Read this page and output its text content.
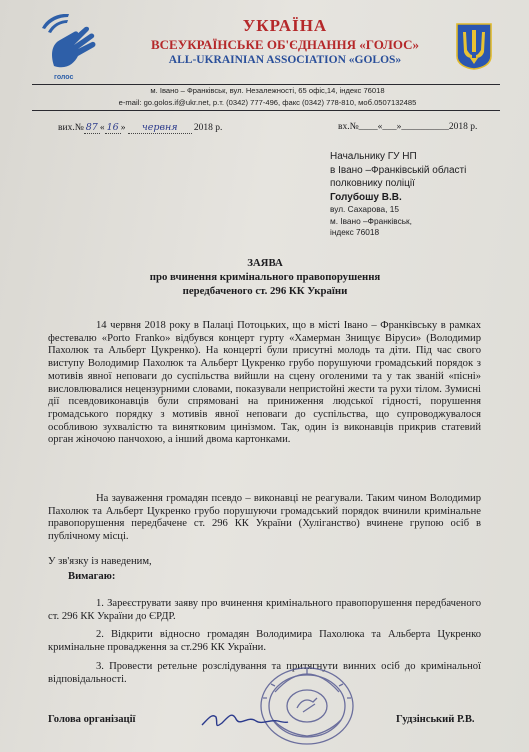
голос
УКРАЇНА
ВСЕУКРАЇНСЬКЕ ОБ'ЄДНАННЯ «ГОЛОС»
ALL-UKRAINIAN ASSOCIATION «GOLOS»
м. Івано – Франківськ, вул. Незалежності, 65 офіс,14, індекс 76018
e-mail: go.golos.if@ukr.net, р.т. (0342) 777-496, факс (0342) 778-810, моб.0507132485
вих.№ 87 « 16 » червня 2018 р.	вх.№____«___»__________2018 р.
Начальнику ГУ НП
в Івано –Франківській області
полковнику поліції
Голубошу В.В.
вул. Сахарова, 15
м. Івано –Франківськ,
індекс 76018
ЗАЯВА
про вчинення кримінального правопорушення
передбаченого ст. 296 КК України

14 червня 2018 року в Палаці Потоцьких, що в місті Івано – Франківську в рамках фестевалю «Porto Franko» відбувся концерт гурту «Хамерман Знищує Віруси» (Володимир Пахолюк та Альберт Цукренко). На концерті були присутні молодь та діти. Під час свого виступу Володимир Пахолюк та Альберт Цукренко грубо порушуючи громадський порядок з мотивів явної неповаги до суспільства вийшли на сцену оголеними та у так званій «пісні» висловлювалися нецензурними словами, показували непристойні жести та рухи тілом. Зумисні дії псевдовиконавців були спрямовані на приниження людської гідності, порушення громадського порядку з мотивів явної неповаги до суспільства, що супроводжувалося особливою зухвалістю та винятковим цинізмом. Так, один із виконавців прикрив статевий орган жіночою панчохою, а інший двома картонками.

На зауваження громадян псевдо – виконавці не реагували. Таким чином Володимир Пахолюк та Альберт Цукренко грубо порушуючи громадський порядок вчинили кримінальне правопорушення передбачене ст. 296 КК України (Хуліганство) вчинене групою осіб в публічному місці.

У зв'язку із наведеним,

Вимагаю:

1. Зареєструвати заяву про вчинення кримінального правопорушення передбаченого ст. 296 КК України до ЄРДР.

2. Відкрити відносно громадян Володимира Пахолюка та Альберта Цукренко кримінальне провадження за ст.296 КК України.

3. Провести ретельне розслідування та притягнути винних осіб до кримінальної відповідальності.

Голова організації	Гудзінський Р.В.
